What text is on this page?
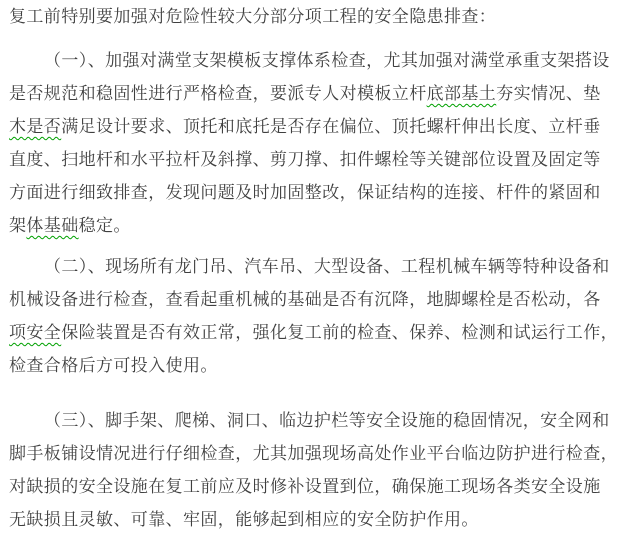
复工前特别要加强对危险性较大分部分项工程的安全隐患排查：
（一）、加强对满堂支架模板支撑体系检查，尤其加强对满堂承重支架搭设
是否规范和稳固性进行严格检查，要派专人对模板立杆底部基土夯实情况、垫
木是否满足设计要求、顶托和底托是否存在偏位、顶托螺杆伸出长度、立杆垂
直度、扫地杆和水平拉杆及斜撑、剪刀撑、扣件螺栓等关键部位设置及固定等
方面进行细致排查，发现问题及时加固整改，保证结构的连接、杆件的紧固和
架体基础稳定。
（二）、现场所有龙门吊、汽车吊、大型设备、工程机械车辆等特种设备和
机械设备进行检查，查看起重机械的基础是否有沉降，地脚螺栓是否松动，各
项安全保险装置是否有效正常，强化复工前的检查、保养、检测和试运行工作，
检查合格后方可投入使用。
（三）、脚手架、爬梯、洞口、临边护栏等安全设施的稳固情况，安全网和
脚手板铺设情况进行仔细检查，尤其加强现场高处作业平台临边防护进行检查，
对缺损的安全设施在复工前应及时修补设置到位，确保施工现场各类安全设施
无缺损且灵敏、可靠、牢固，能够起到相应的安全防护作用。
